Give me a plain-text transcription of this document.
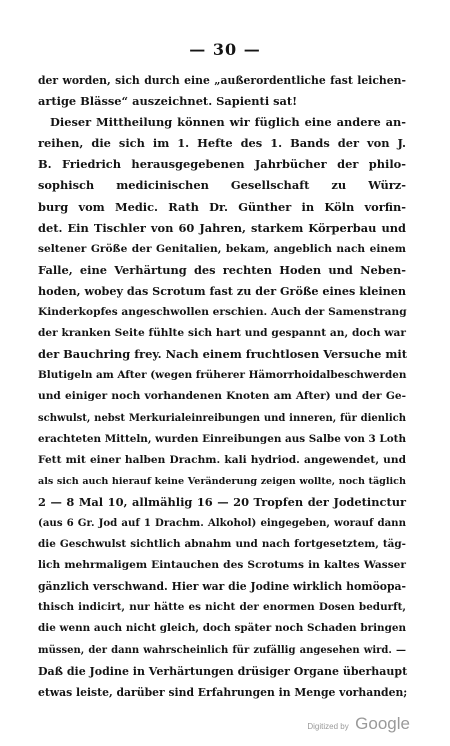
— 30 —
der worden, sich durch eine „außerordentliche fast leichen-
artige Blässe“ auszeichnet. Sapienti sat!
Dieser Mittheilung können wir füglich eine andere an-
reihen, die sich im 1. Hefte des 1. Bands der von J.
B. Friedrich herausgegebenen Jahrbücher der philo-
sophisch medicinischen Gesellschaft zu Würz-
burg vom Medic. Rath Dr. Günther in Köln vorfin-
det. Ein Tischler von 60 Jahren, starkem Körperbau und
seltener Größe der Genitalien, bekam, angeblich nach einem
Falle, eine Verhärtung des rechten Hoden und Neben-
hoden, wobey das Scrotum fast zu der Größe eines kleinen
Kinderkopfes angeschwollen erschien. Auch der Samenstrang
der kranken Seite fühlte sich hart und gespannt an, doch war
der Bauchring frey. Nach einem fruchtlosen Versuche mit
Blutigeln am After (wegen früherer Hämorrhoidalbeschwerden
und einiger noch vorhandenen Knoten am After) und der Ge-
schwulst, nebst Merkurialeinreibungen und inneren, für dienlich
erachteten Mitteln, wurden Einreibungen aus Salbe von 3 Loth
Fett mit einer halben Drachm. kali hydriod. angewendet, und
als sich auch hierauf keine Veränderung zeigen wollte, noch täglich
2 — 8 Mal 10, allmählig 16 — 20 Tropfen der Jodetinctur
(aus 6 Gr. Jod auf 1 Drachm. Alkohol) eingegeben, worauf dann
die Geschwulst sichtlich abnahm und nach fortgesetztem, täg-
lich mehrmaligem Eintauchen des Scrotums in kaltes Wasser
gänzlich verschwand. Hier war die Jodine wirklich homöopa-
thisch indicirt, nur hätte es nicht der enormen Dosen bedurft,
die wenn auch nicht gleich, doch später noch Schaden bringen
müssen, der dann wahrscheinlich für zufällig angesehen wird. —
Daß die Jodine in Verhärtungen drüsiger Organe überhaupt
etwas leiste, darüber sind Erfahrungen in Menge vorhanden;
Digitized by Google
